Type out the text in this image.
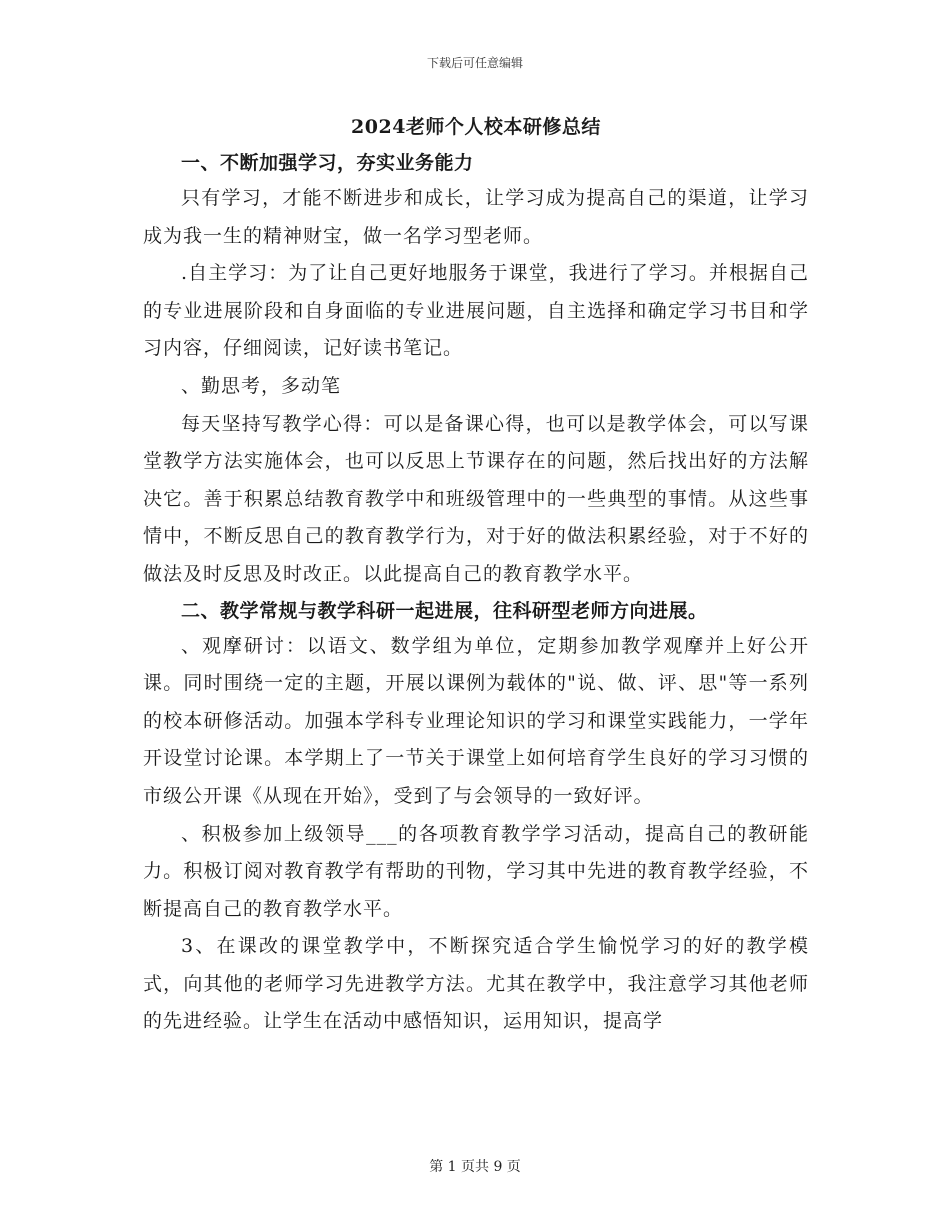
下载后可任意编辑
2024老师个人校本研修总结
一、不断加强学习，夯实业务能力

只有学习，才能不断进步和成长，让学习成为提高自己的渠道，让学习成为我一生的精神财宝，做一名学习型老师。

.自主学习：为了让自己更好地服务于课堂，我进行了学习。并根据自己的专业进展阶段和自身面临的专业进展问题，自主选择和确定学习书目和学习内容，仔细阅读，记好读书笔记。

、勤思考，多动笔

每天坚持写教学心得：可以是备课心得，也可以是教学体会，可以写课堂教学方法实施体会，也可以反思上节课存在的问题，然后找出好的方法解决它。善于积累总结教育教学中和班级管理中的一些典型的事情。从这些事情中，不断反思自己的教育教学行为，对于好的做法积累经验，对于不好的做法及时反思及时改正。以此提高自己的教育教学水平。

二、教学常规与教学科研一起进展，往科研型老师方向进展。

、观摩研讨：以语文、数学组为单位，定期参加教学观摩并上好公开课。同时围绕一定的主题，开展以课例为载体的"说、做、评、思"等一系列的校本研修活动。加强本学科专业理论知识的学习和课堂实践能力，一学年开设堂讨论课。本学期上了一节关于课堂上如何培育学生良好的学习习惯的市级公开课《从现在开始》，受到了与会领导的一致好评。

、积极参加上级领导___的各项教育教学学习活动，提高自己的教研能力。积极订阅对教育教学有帮助的刊物，学习其中先进的教育教学经验，不断提高自己的教育教学水平。

3、在课改的课堂教学中，不断探究适合学生愉悦学习的好的教学模式，向其他的老师学习先进教学方法。尤其在教学中，我注意学习其他老师的先进经验。让学生在活动中感悟知识，运用知识，提高学

第 1 页共 9 页
